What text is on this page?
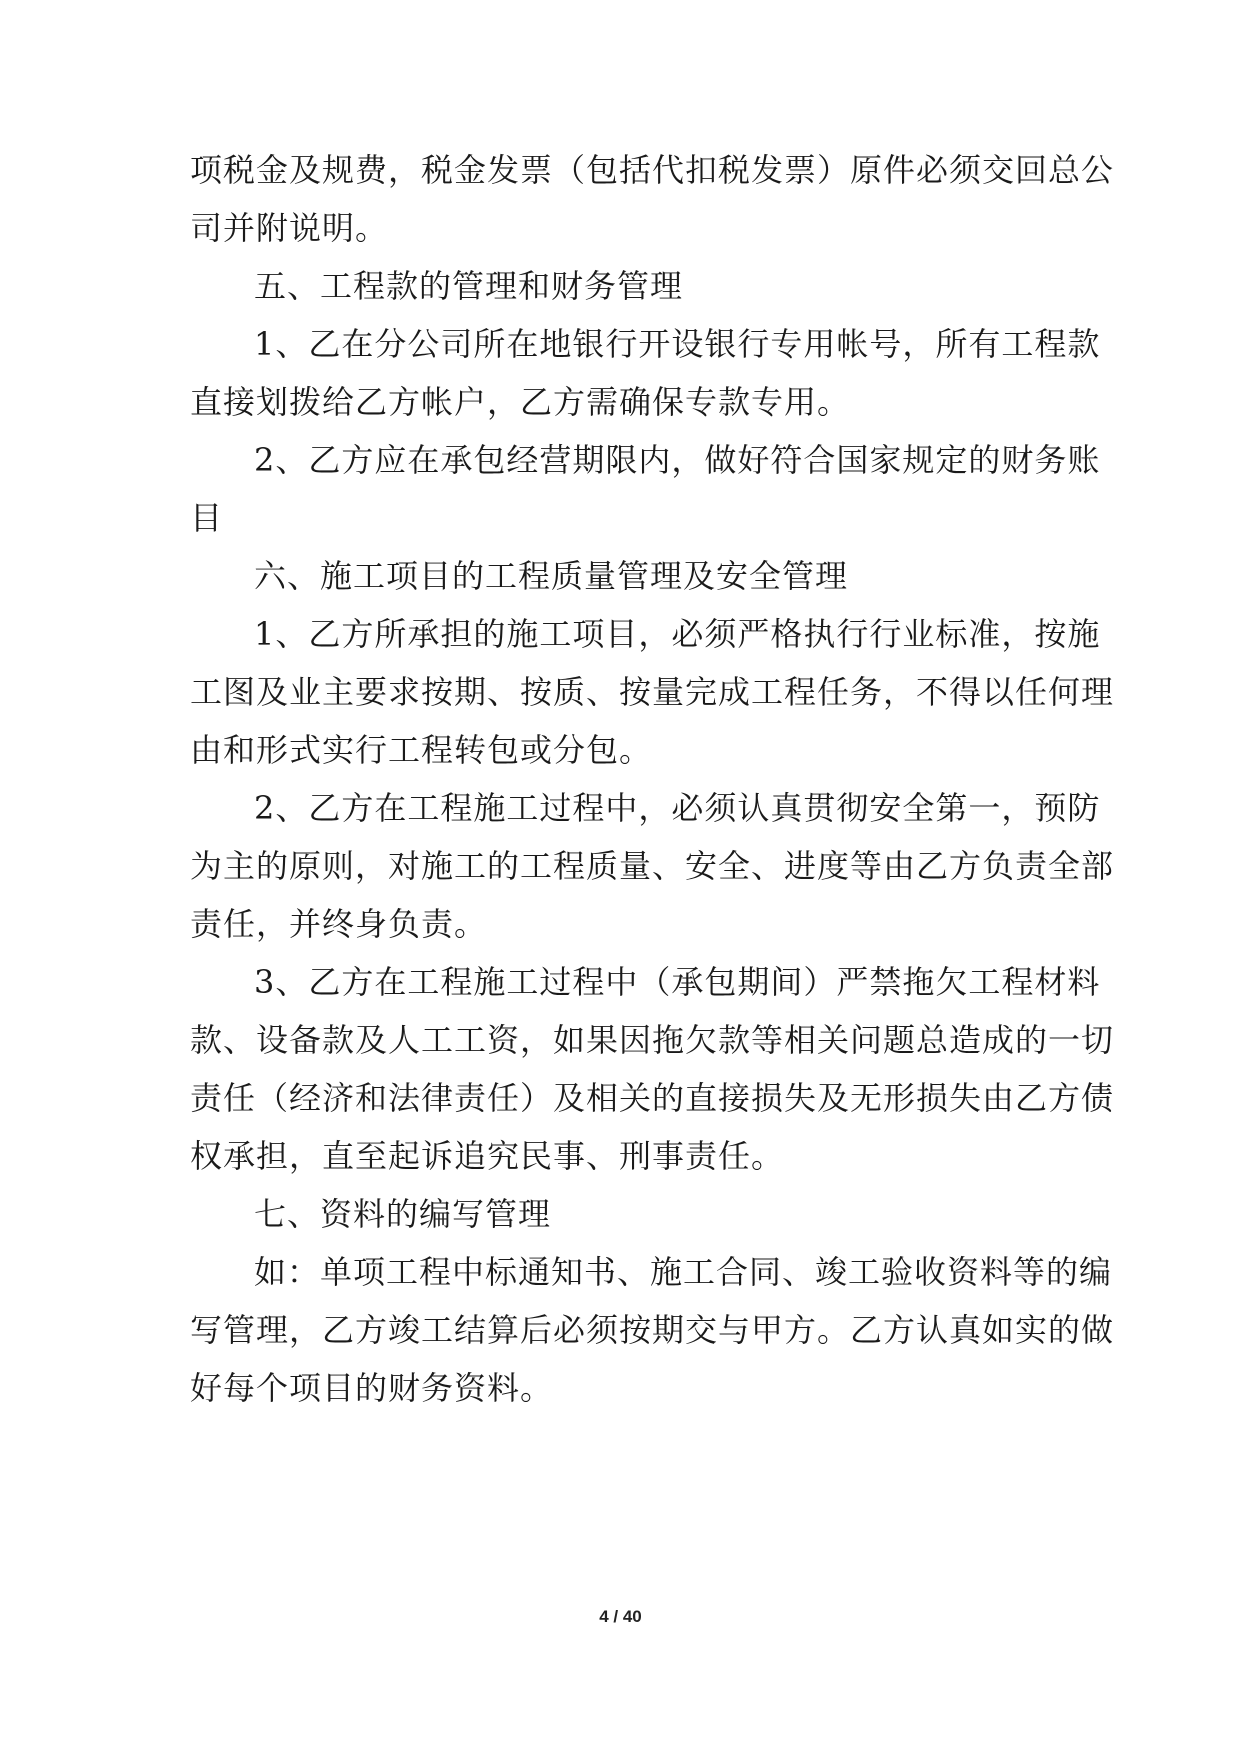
项税金及规费，税金发票（包括代扣税发票）原件必须交回总公
司并附说明。
五、工程款的管理和财务管理
1、乙在分公司所在地银行开设银行专用帐号，所有工程款
直接划拨给乙方帐户，乙方需确保专款专用。
2、乙方应在承包经营期限内，做好符合国家规定的财务账
目
六、施工项目的工程质量管理及安全管理
1、乙方所承担的施工项目，必须严格执行行业标准，按施
工图及业主要求按期、按质、按量完成工程任务，不得以任何理
由和形式实行工程转包或分包。
2、乙方在工程施工过程中，必须认真贯彻安全第一，预防
为主的原则，对施工的工程质量、安全、进度等由乙方负责全部
责任，并终身负责。
3、乙方在工程施工过程中（承包期间）严禁拖欠工程材料
款、设备款及人工工资，如果因拖欠款等相关问题总造成的一切
责任（经济和法律责任）及相关的直接损失及无形损失由乙方债
权承担，直至起诉追究民事、刑事责任。
七、资料的编写管理
如：单项工程中标通知书、施工合同、竣工验收资料等的编
写管理，乙方竣工结算后必须按期交与甲方。乙方认真如实的做
好每个项目的财务资料。
4 / 40
